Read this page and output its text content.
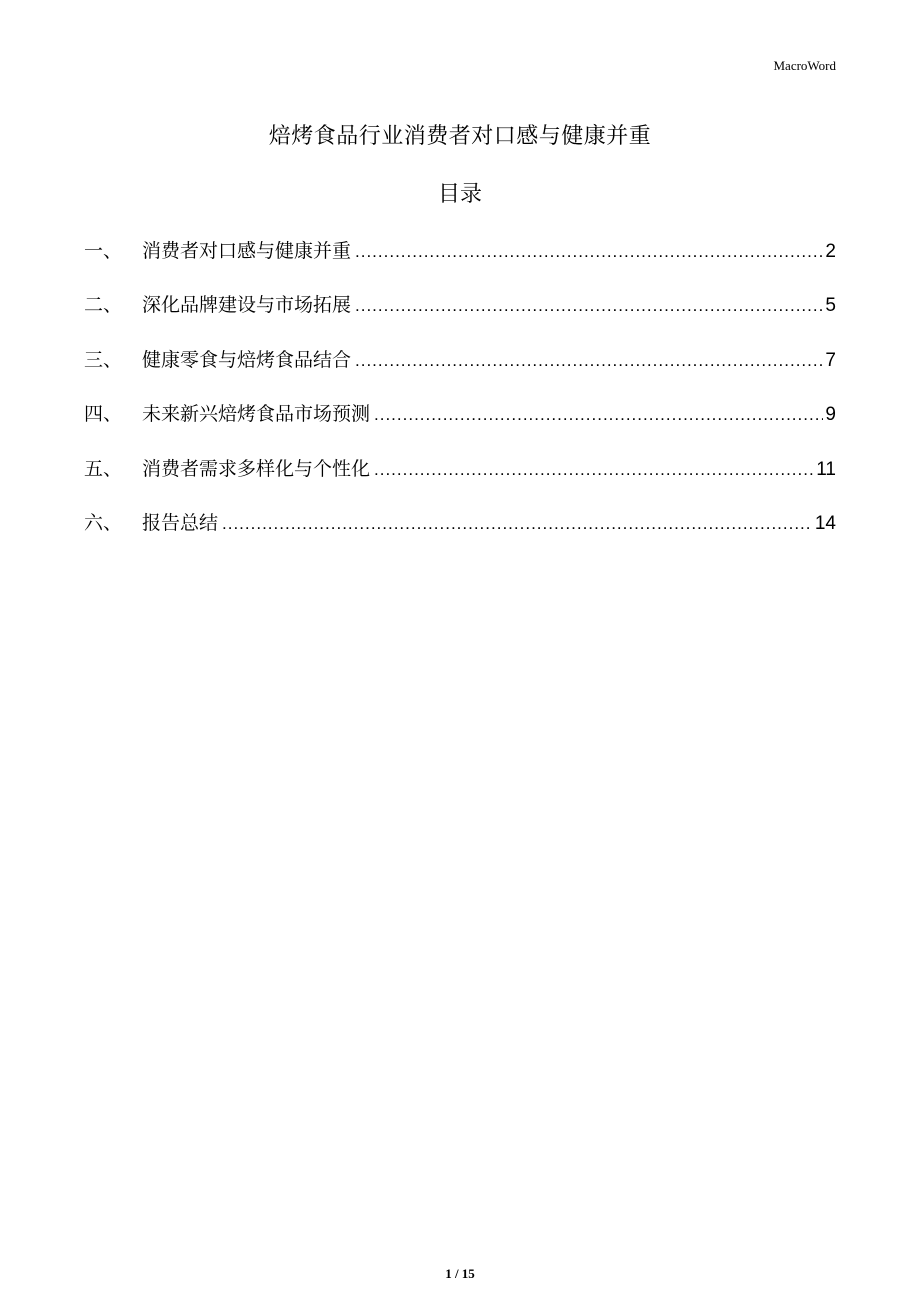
MacroWord
焙烤食品行业消费者对口感与健康并重
目录
一、	消费者对口感与健康并重 .....	2
二、	深化品牌建设与市场拓展 .....	5
三、	健康零食与焙烤食品结合 .....	7
四、	未来新兴焙烤食品市场预测 .....	9
五、	消费者需求多样化与个性化 .....	11
六、	报告总结 .....	14
1 / 15
